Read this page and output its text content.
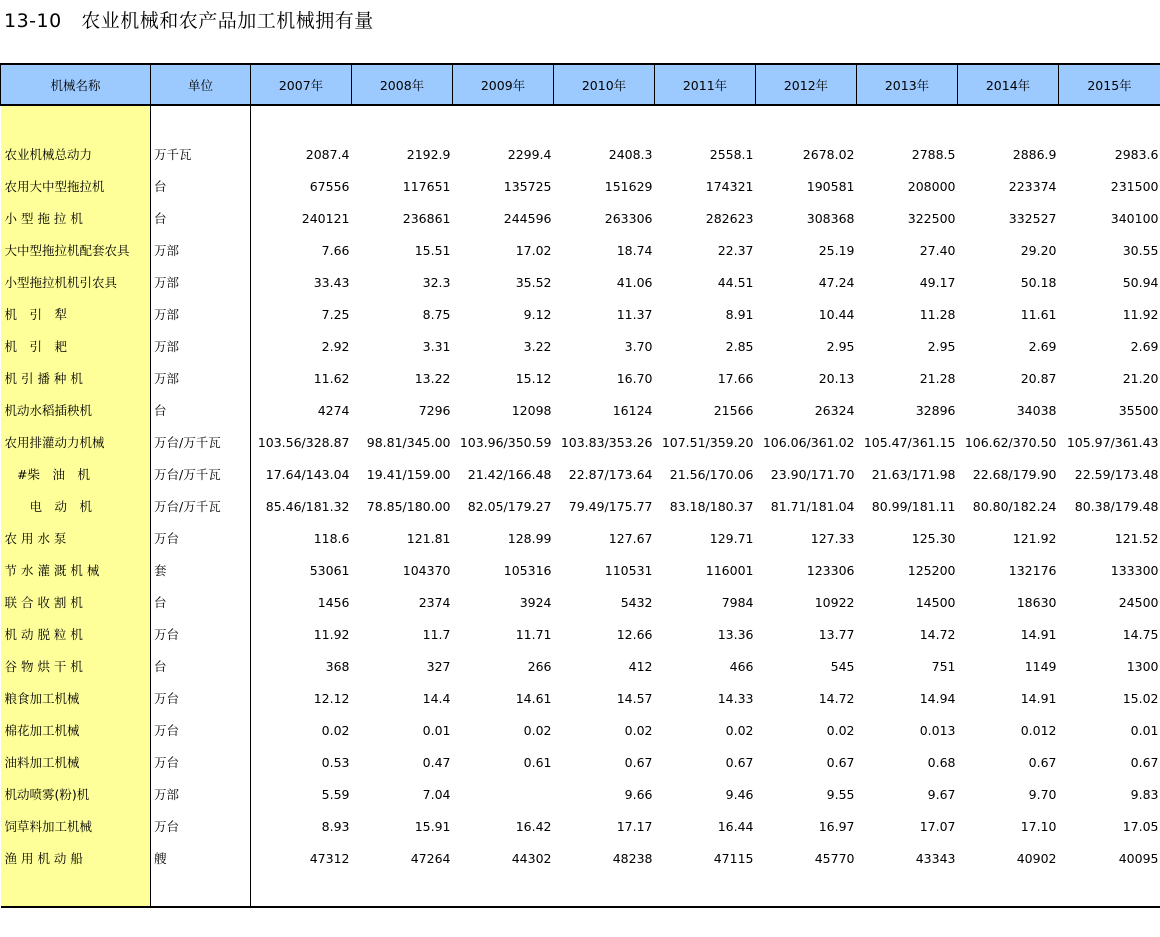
13-10　农业机械和农产品加工机械拥有量
机械名称	单位	2007年	2008年	2009年	2010年	2011年	2012年	2013年	2014年	2015年

农业机械总动力	万千瓦	2087.4	2192.9	2299.4	2408.3	2558.1	2678.02	2788.5	2886.9	2983.6
农用大中型拖拉机	台	67556	117651	135725	151629	174321	190581	208000	223374	231500
小 型 拖 拉 机	台	240121	236861	244596	263306	282623	308368	322500	332527	340100
大中型拖拉机配套农具	万部	7.66	15.51	17.02	18.74	22.37	25.19	27.40	29.20	30.55
小型拖拉机机引农具	万部	33.43	32.3	35.52	41.06	44.51	47.24	49.17	50.18	50.94
机　引　犁	万部	7.25	8.75	9.12	11.37	8.91	10.44	11.28	11.61	11.92
机　引　耙	万部	2.92	3.31	3.22	3.70	2.85	2.95	2.95	2.69	2.69
机 引 播 种 机	万部	11.62	13.22	15.12	16.70	17.66	20.13	21.28	20.87	21.20
机动水稻插秧机	台	4274	7296	12098	16124	21566	26324	32896	34038	35500
农用排灌动力机械	万台/万千瓦	103.56/328.87	98.81/345.00	103.96/350.59	103.83/353.26	107.51/359.20	106.06/361.02	105.47/361.15	106.62/370.50	105.97/361.43
　#柴　油　机	万台/万千瓦	17.64/143.04	19.41/159.00	21.42/166.48	22.87/173.64	21.56/170.06	23.90/171.70	21.63/171.98	22.68/179.90	22.59/173.48
　　电　动　机	万台/万千瓦	85.46/181.32	78.85/180.00	82.05/179.27	79.49/175.77	83.18/180.37	81.71/181.04	80.99/181.11	80.80/182.24	80.38/179.48
农 用 水 泵	万台	118.6	121.81	128.99	127.67	129.71	127.33	125.30	121.92	121.52
节 水 灌 溉 机 械	套	53061	104370	105316	110531	116001	123306	125200	132176	133300
联 合 收 割 机	台	1456	2374	3924	5432	7984	10922	14500	18630	24500
机 动 脱 粒 机	万台	11.92	11.7	11.71	12.66	13.36	13.77	14.72	14.91	14.75
谷 物 烘 干 机	台	368	327	266	412	466	545	751	1149	1300
粮食加工机械	万台	12.12	14.4	14.61	14.57	14.33	14.72	14.94	14.91	15.02
棉花加工机械	万台	0.02	0.01	0.02	0.02	0.02	0.02	0.013	0.012	0.01
油料加工机械	万台	0.53	0.47	0.61	0.67	0.67	0.67	0.68	0.67	0.67
机动喷雾(粉)机	万部	5.59	7.04		9.66	9.46	9.55	9.67	9.70	9.83
饲草料加工机械	万台	8.93	15.91	16.42	17.17	16.44	16.97	17.07	17.10	17.05
渔 用 机 动 船	艘	47312	47264	44302	48238	47115	45770	43343	40902	40095
